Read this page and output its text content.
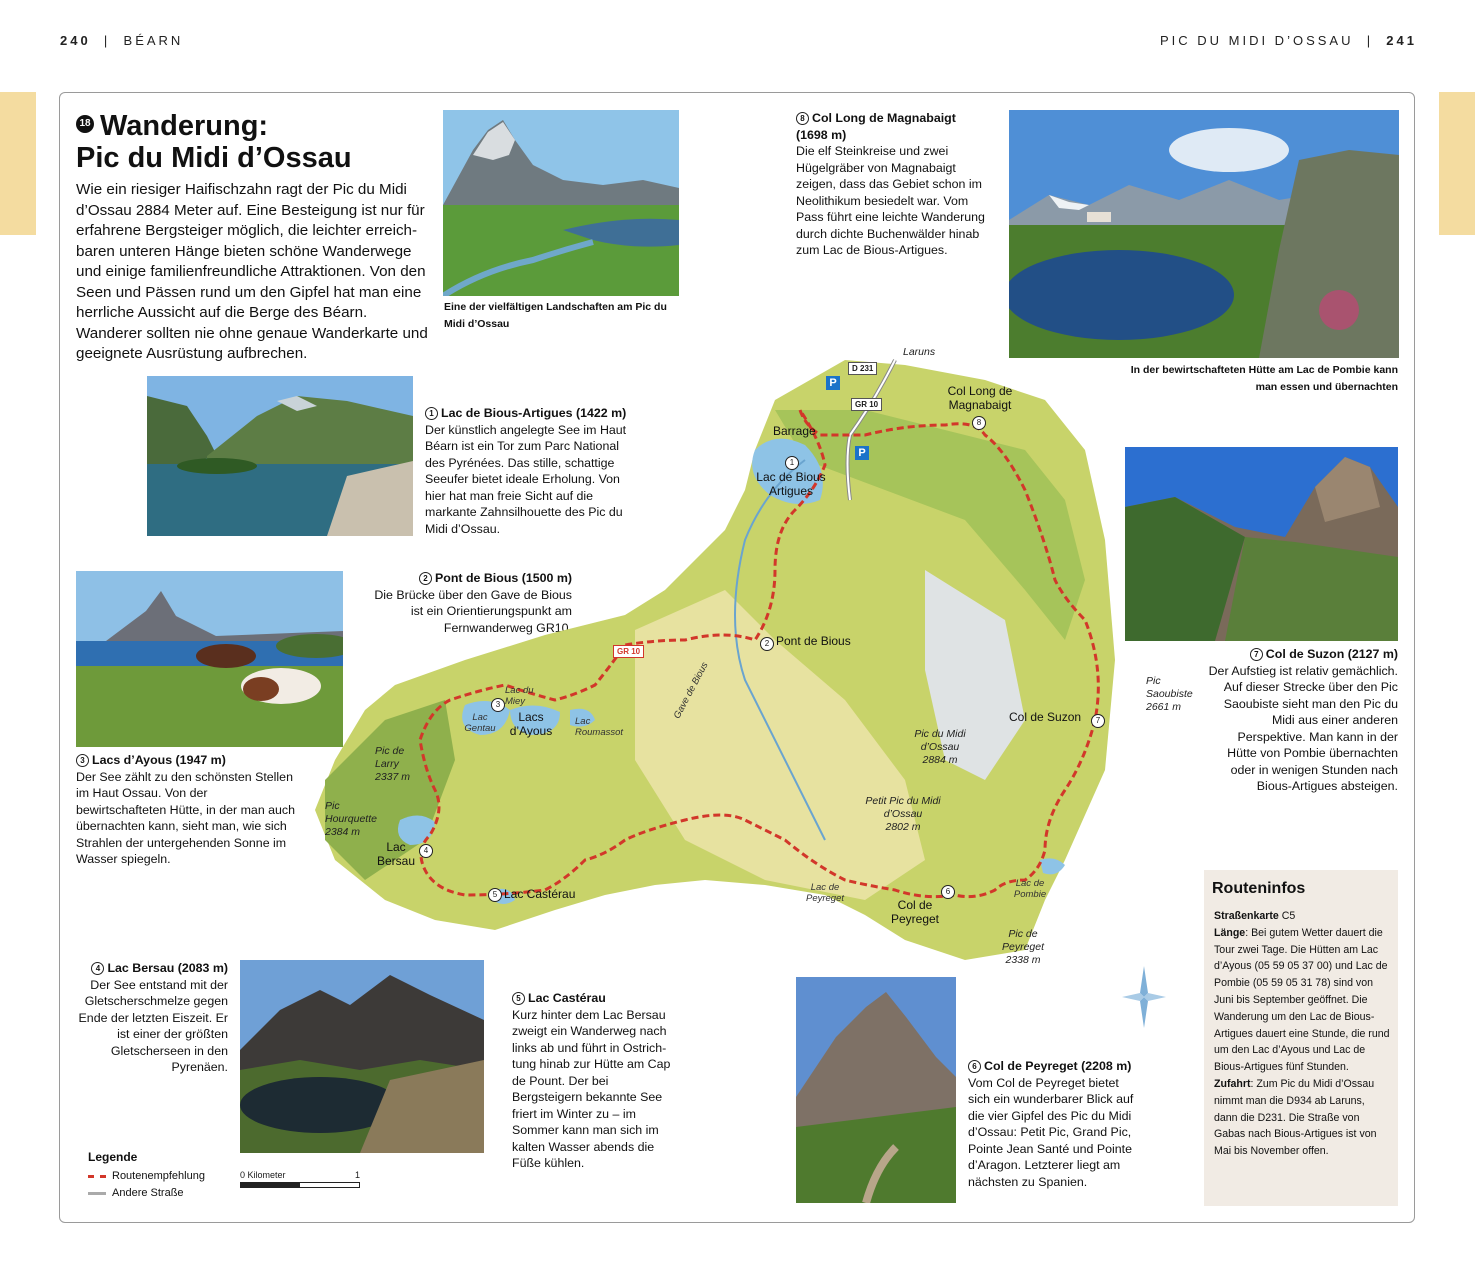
240  |  BÉARN	PIC DU MIDI D’OSSAU  |  241
18 Wanderung:
Pic du Midi d’Ossau
Wie ein riesiger Haifischzahn ragt der Pic du Midi d’Ossau 2884 Meter auf. Eine Besteigung ist nur für erfahrene Bergsteiger möglich, die leichter erreichbaren unteren Hänge bieten schöne Wanderwege und einige familienfreundliche Attraktionen. Von den Seen und Pässen rund um den Gipfel hat man eine herrliche Aussicht auf die Berge des Béarn. Wanderer sollten nie ohne genaue Wanderkarte und geeignete Ausrüstung aufbrechen.
Eine der vielfältigen Landschaften am Pic du Midi d’Ossau
8 Col Long de Magnabaigt (1698 m)
Die elf Steinkreise und zwei Hügelgräber von Magnabaigt zeigen, dass das Gebiet schon im Neolithikum besiedelt war. Vom Pass führt eine leichte Wanderung durch dichte Buchenwälder hinab zum Lac de Bious-Artigues.
In der bewirtschafteten Hütte am Lac de Pombie kann man essen und übernachten
1 Lac de Bious-Artigues (1422 m)
Der künstlich angelegte See im Haut Béarn ist ein Tor zum Parc National des Pyrénées. Das stille, schattige Seeufer bietet ideale Erholung. Von hier hat man freie Sicht auf die markante Zahnsilhouette des Pic du Midi d’Ossau.
2 Pont de Bious (1500 m)
Die Brücke über den Gave de Bious ist ein Orientierungspunkt am Fernwanderweg GR10.
3 Lacs d’Ayous (1947 m)
Der See zählt zu den schönsten Stellen im Haut Ossau. Von der bewirtschafteten Hütte, in der man auch übernachten kann, sieht man, wie sich Strahlen der untergehenden Sonne im Wasser spiegeln.
7 Col de Suzon (2127 m)
Der Aufstieg ist relativ gemächlich. Auf dieser Strecke über den Pic Saoubiste sieht man den Pic du Midi aus einer anderen Perspektive. Man kann in der Hütte von Pombie übernachten oder in wenigen Stunden nach Bious-Artigues absteigen.
Laruns
D 231
GR 10
P
P
Barrage
1
Lac de Bious Artigues
Col Long de Magnabaigt
8
2 Pont de Bious
GR 10
Gave de Bious
Lac du Miey
Lac Gentau
3
Lacs d’Ayous
Lac Roumassot
Pic de Larry
2337 m
Pic Hourquette
2384 m
Lac Bersau
4
5 Lac Castérau
Pic du Midi d’Ossau
2884 m
Petit Pic du Midi d’Ossau
2802 m
Col de Suzon	7
Lac de Peyreget
6
Col de Peyreget
Lac de Pombie
Pic de Peyreget
2338 m
Pic Saoubiste
2661 m
4 Lac Bersau (2083 m)
Der See entstand mit der Gletscherschmelze gegen Ende der letzten Eiszeit. Er ist einer der größten Gletscherseen in den Pyrenäen.
5 Lac Castérau
Kurz hinter dem Lac Bersau zweigt ein Wanderweg nach links ab und führt in Ostrichtung hinab zur Hütte am Cap de Pount. Der bei Bergsteigern bekannte See friert im Winter zu – im Sommer kann man sich im kalten Wasser abends die Füße kühlen.
6 Col de Peyreget (2208 m)
Vom Col de Peyreget bietet sich ein wunderbarer Blick auf die vier Gipfel des Pic du Midi d’Ossau: Petit Pic, Grand Pic, Pointe Jean Santé und Pointe d’Aragon. Letzterer liegt am nächsten zu Spanien.
Routeninfos
Straßenkarte C5
Länge: Bei gutem Wetter dauert die Tour zwei Tage. Die Hütten am Lac d’Ayous (05 59 05 37 00) und Lac de Pombie (05 59 05 31 78) sind von Juni bis September geöffnet. Die Wanderung um den Lac de Bious-Artigues dauert eine Stunde, die rund um den Lac d’Ayous und Lac de Bious-Artigues fünf Stunden.
Zufahrt: Zum Pic du Midi d’Ossau nimmt man die D934 ab Laruns, dann die D231. Die Straße von Gabas nach Bious-Artigues ist von Mai bis November offen.
Legende
Routenempfehlung
Andere Straße
0 Kilometer	1
